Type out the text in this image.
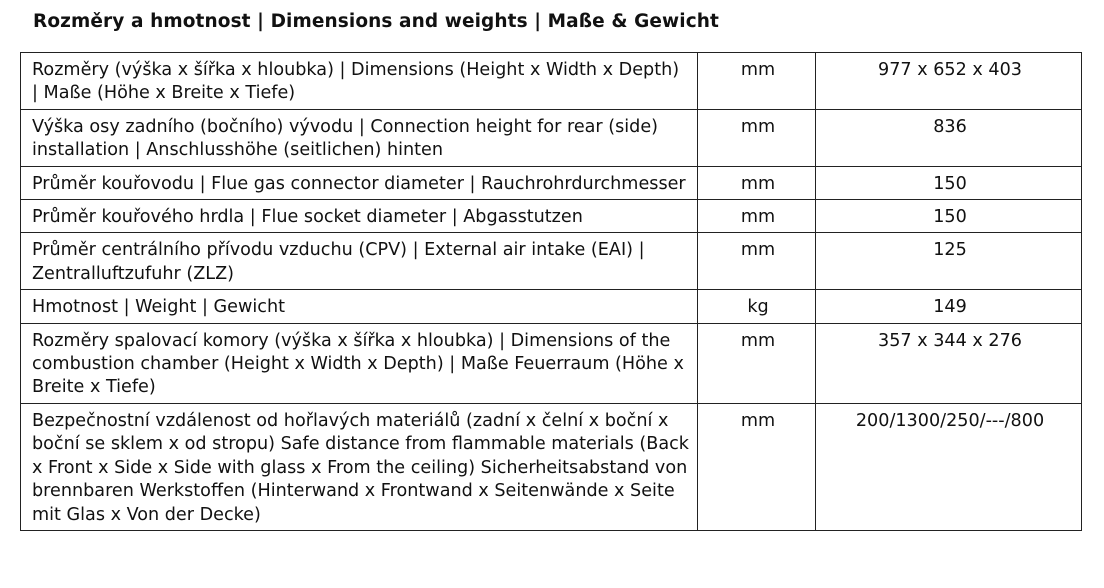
Rozměry a hmotnost | Dimensions and weights | Maße & Gewicht
Rozměry (výška x šířka x hloubka) | Dimensions (Height x Width x Depth) | Maße (Höhe x Breite x Tiefe)	mm	977 x 652 x 403
Výška osy zadního (bočního) vývodu | Connection height for rear (side) installation | Anschlusshöhe (seitlichen) hinten	mm	836
Průměr kouřovodu | Flue gas connector diameter | Rauchrohrdurchmesser	mm	150
Průměr kouřového hrdla | Flue socket diameter | Abgasstutzen	mm	150
Průměr centrálního přívodu vzduchu (CPV) | External air intake (EAI) | Zentralluftzufuhr (ZLZ)	mm	125
Hmotnost | Weight | Gewicht	kg	149
Rozměry spalovací komory (výška x šířka x hloubka) | Dimensions of the combustion chamber (Height x Width x Depth) | Maße Feuerraum (Höhe x Breite x Tiefe)	mm	357 x 344 x 276
Bezpečnostní vzdálenost od hořlavých materiálů (zadní x čelní x boční x boční se sklem x od stropu) Safe distance from flammable materials (Back x Front x Side x Side with glass x From the ceiling) Sicherheitsabstand von brennbaren Werkstoffen (Hinterwand x Frontwand x Seitenwände x Seite mit Glas x Von der Decke)	mm	200/1300/250/---/800
